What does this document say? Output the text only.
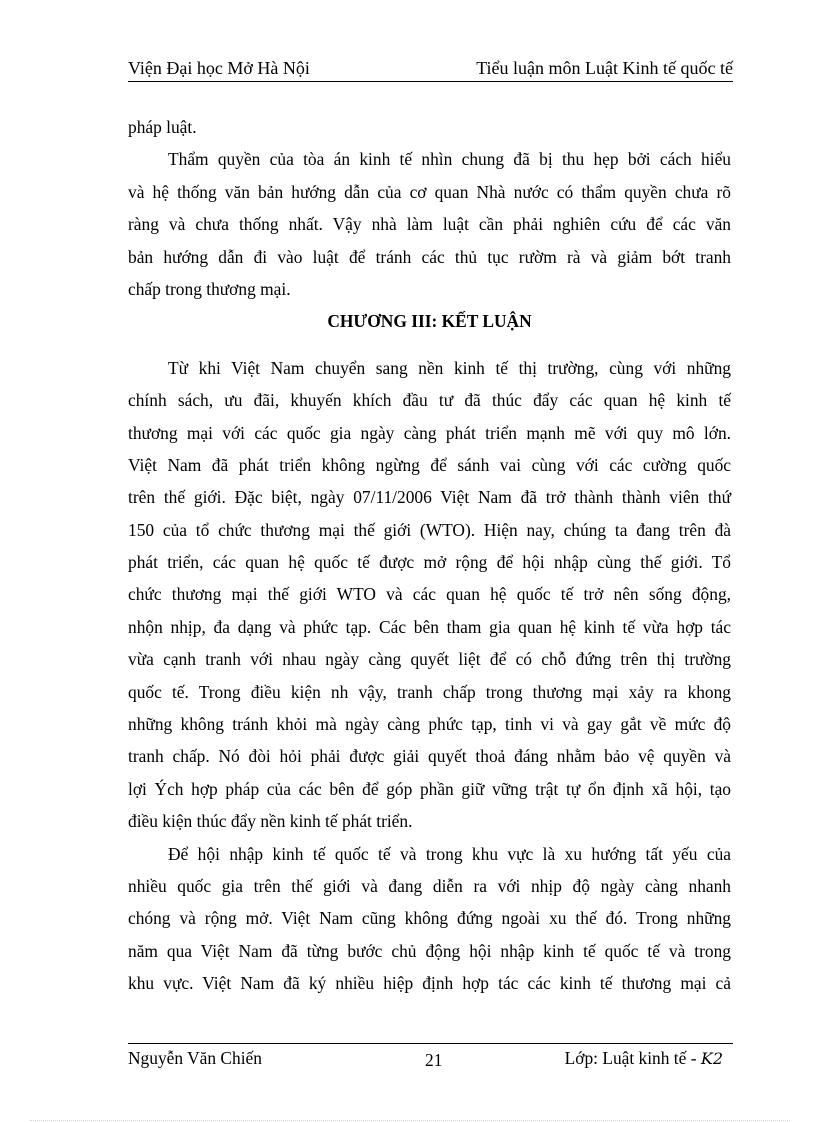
Viện Đại học Mở Hà Nội	Tiểu luận môn Luật Kinh tế quốc tế
pháp luật.
Thẩm quyền của tòa án kinh tế nhìn chung đã bị thu hẹp bởi cách hiểu
và hệ thống văn bản hướng dẫn của cơ quan Nhà nước có thẩm quyền chưa rõ
ràng và chưa thống nhất. Vậy nhà làm luật cần phải nghiên cứu để các văn
bản hướng dẫn đi vào luật để tránh các thủ tục rườm rà và giảm bớt tranh
chấp trong thương mại.
CHƯƠNG III: KẾT LUẬN
Từ khi Việt Nam chuyển sang nền kinh tế thị trường, cùng với những
chính sách, ưu đãi, khuyến khích đầu tư đã thúc đẩy các quan hệ kinh tế
thương mại với các quốc gia ngày càng phát triển mạnh mẽ với quy mô lớn.
Việt Nam đã phát triển không ngừng để sánh vai cùng với các cường quốc
trên thế giới. Đặc biệt, ngày 07/11/2006 Việt Nam đã trở thành thành viên thứ
150 của tổ chức thương mại thế giới (WTO). Hiện nay, chúng ta đang trên đà
phát triển, các quan hệ quốc tế được mở rộng để hội nhập cùng thế giới. Tổ
chức thương mại thế giới WTO và các quan hệ quốc tế trở nên sống động,
nhộn nhịp, đa dạng và phức tạp. Các bên tham gia quan hệ kinh tế vừa hợp tác
vừa cạnh tranh với nhau ngày càng quyết liệt để có chỗ đứng trên thị trường
quốc tế. Trong điều kiện nh vậy, tranh chấp trong thương mại xảy ra khong
những không tránh khỏi mà ngày càng phức tạp, tinh vi và gay gắt về mức độ
tranh chấp. Nó đòi hỏi phải được giải quyết thoả đáng nhằm bảo vệ quyền và
lợi Ých hợp pháp của các bên để góp phần giữ vững trật tự ổn định xã hội, tạo
điều kiện thúc đẩy nền kinh tế phát triển.
Để hội nhập kinh tế quốc tế và trong khu vực là xu hướng tất yếu của
nhiều quốc gia trên thế giới và đang diễn ra với nhịp độ ngày càng nhanh
chóng và rộng mở. Việt Nam cũng không đứng ngoài xu thế đó. Trong những
năm qua Việt Nam đã từng bước chủ động hội nhập kinh tế quốc tế và trong
khu vực. Việt Nam đã ký nhiều hiệp định hợp tác các kinh tế thương mại cả
Nguyễn Văn Chiến	21	Lớp: Luật kinh tế - K2
